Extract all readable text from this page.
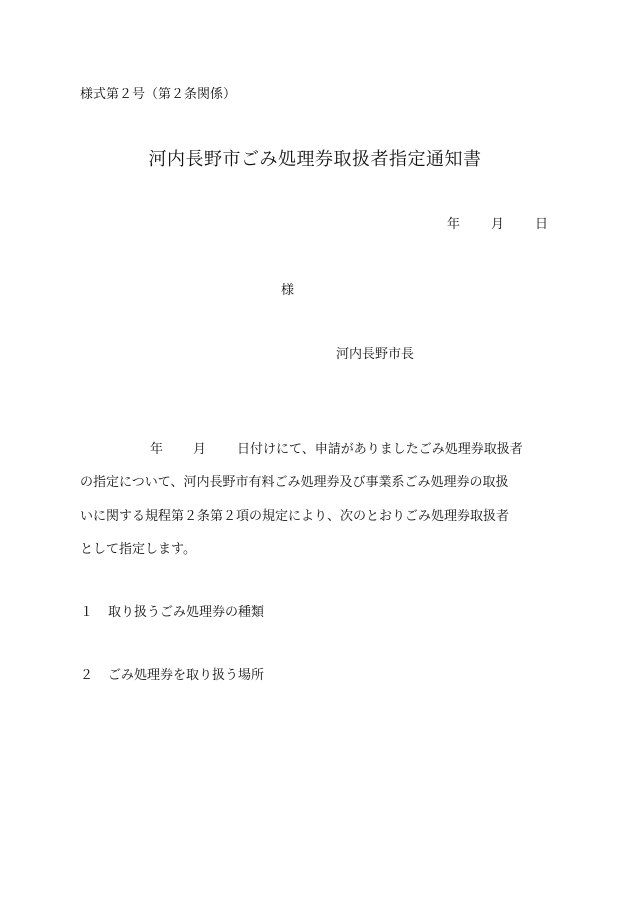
様式第２号（第２条関係）
河内長野市ごみ処理券取扱者指定通知書
年 月 日
様
河内長野市長
年 月 日付けにて、申請がありましたごみ処理券取扱者
の指定について、河内長野市有料ごみ処理券及び事業系ごみ処理券の取扱
いに関する規程第２条第２項の規定により、次のとおりごみ処理券取扱者
として指定します。
１ 取り扱うごみ処理券の種類
２ ごみ処理券を取り扱う場所
